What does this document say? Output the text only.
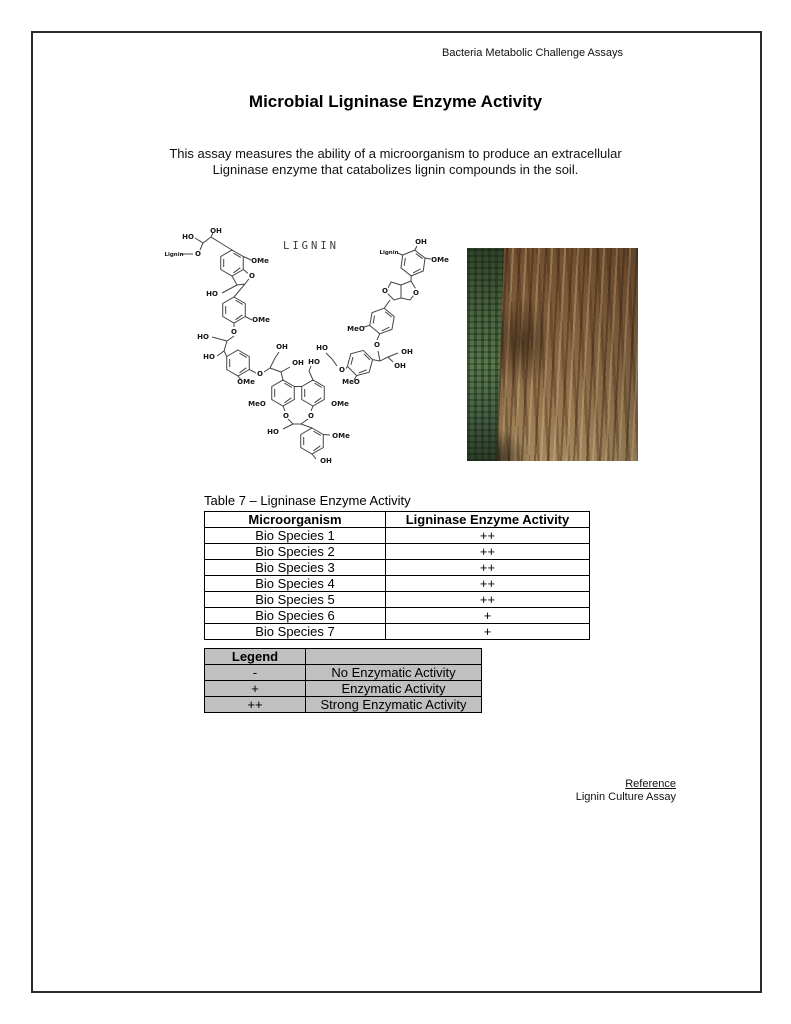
Bacteria Metabolic Challenge Assays
Microbial Ligninase Enzyme Activity
This assay measures the ability of a microorganism to produce an extracellular
Ligninase enzyme that catabolizes lignin compounds in the soil.
LIGNIN
HO
OH
Lignin O
OMe
O
HO
OMe
O
HO
HO
OMe
O
OH
OH HO
HO
MeO	OMe
O	O
HO	OMe
OH
O
MeO
O
OH
OH
MeO
O	O
Lignin
OH
OMe
Table 7 – Ligninase Enzyme Activity
Microorganism	Ligninase Enzyme Activity
Bio Species 1	++
Bio Species 2	++
Bio Species 3	++
Bio Species 4	++
Bio Species 5	++
Bio Species 6	+
Bio Species 7	+
Legend	
-	No Enzymatic Activity
+	Enzymatic Activity
++	Strong Enzymatic Activity
Reference
Lignin Culture Assay
